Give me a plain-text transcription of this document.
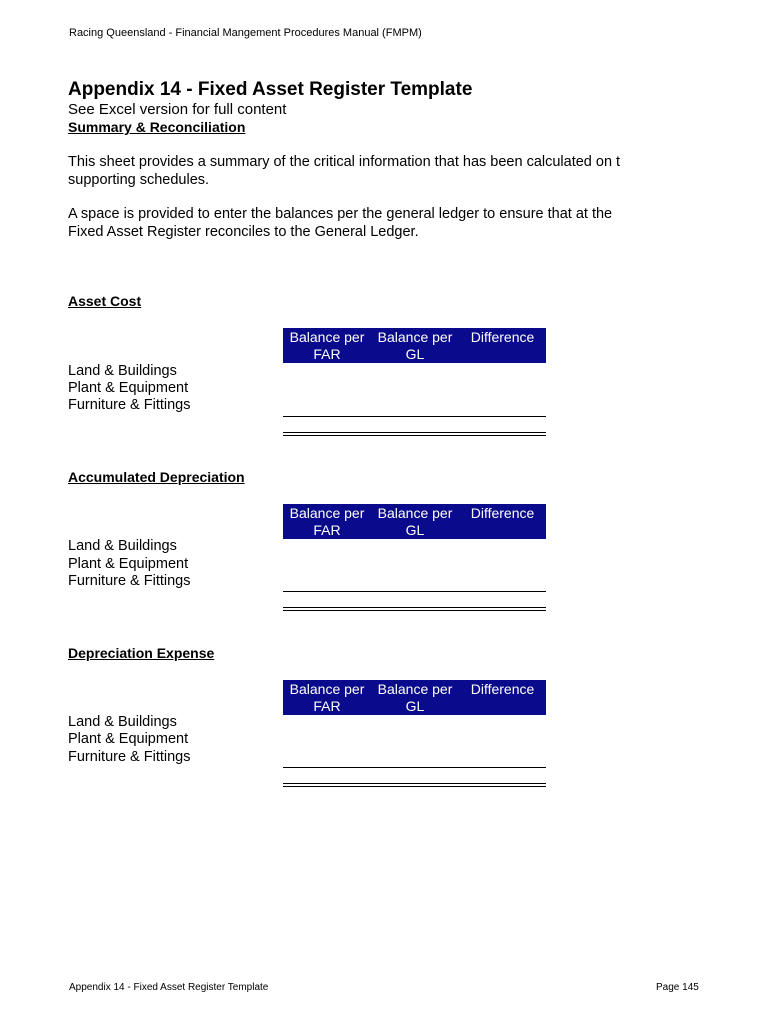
Racing Queensland - Financial Mangement Procedures Manual (FMPM)
Appendix 14 - Fixed Asset Register Template
See Excel version for full content
Summary & Reconciliation
This sheet provides a summary of the critical information that has been calculated on t
supporting schedules.
A space is provided to enter the balances per the general ledger to ensure that at the
Fixed Asset Register reconciles to the General Ledger.
Asset Cost
Balance per
FAR
Balance per
GL
Difference
Land & Buildings
Plant & Equipment
Furniture & Fittings
Accumulated Depreciation
Balance per
FAR
Balance per
GL
Difference
Land & Buildings
Plant & Equipment
Furniture & Fittings
Depreciation Expense
Balance per
FAR
Balance per
GL
Difference
Land & Buildings
Plant & Equipment
Furniture & Fittings
Appendix 14 - Fixed Asset Register Template	Page 145
